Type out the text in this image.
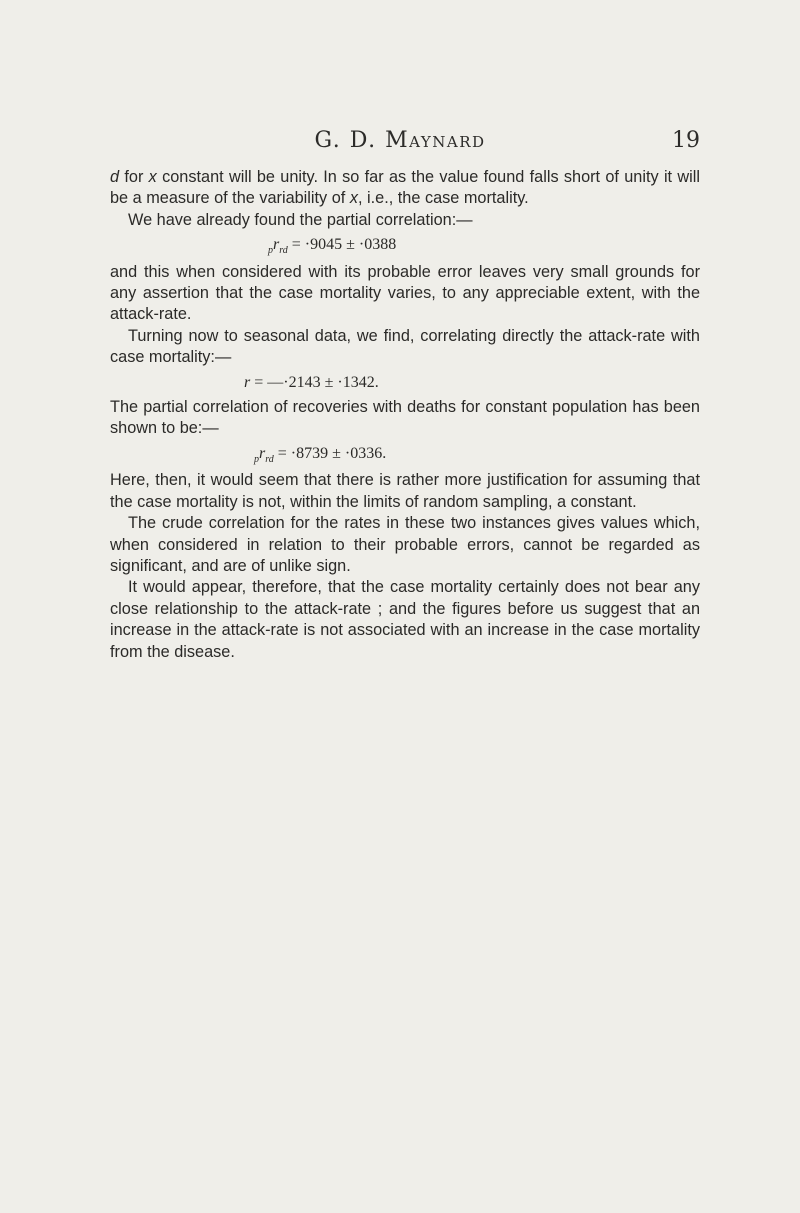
G. D. Maynard	19

d for x constant will be unity. In so far as the value found falls short of unity it will be a measure of the variability of x, i.e., the case mortality.

We have already found the partial correlation:—

$_pr_{rd} = \cdot 9045 \pm \cdot 0388$

and this when considered with its probable error leaves very small grounds for any assertion that the case mortality varies, to any appreciable extent, with the attack-rate.

Turning now to seasonal data, we find, correlating directly the attack-rate with case mortality:—

r = —·2143 ± ·1342.

The partial correlation of recoveries with deaths for constant population has been shown to be:—

$_pr_{rd} = \cdot 8739 \pm \cdot 0336$.

Here, then, it would seem that there is rather more justification for assuming that the case mortality is not, within the limits of random sampling, a constant.

The crude correlation for the rates in these two instances gives values which, when considered in relation to their probable errors, cannot be regarded as significant, and are of unlike sign.

It would appear, therefore, that the case mortality certainly does not bear any close relationship to the attack-rate ; and the figures before us suggest that an increase in the attack-rate is not associated with an increase in the case mortality from the disease.
